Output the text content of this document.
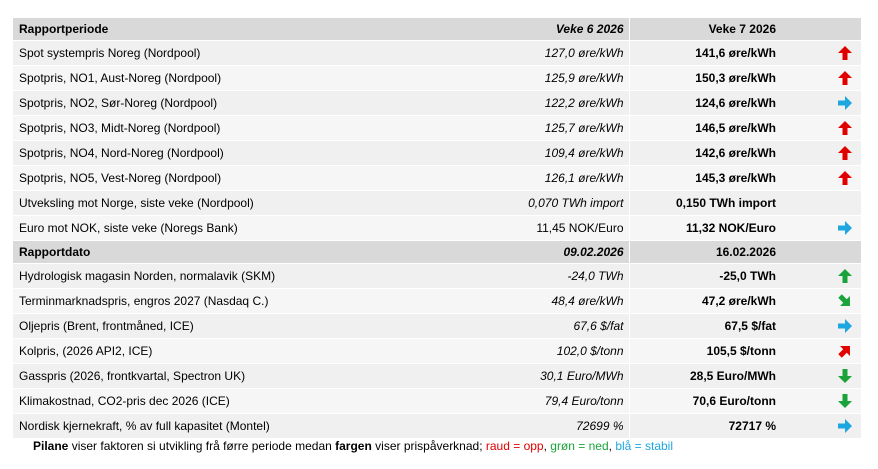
Rapportperiode	Veke 6 2026	Veke 7 2026	
Spot systempris Noreg (Nordpool)	127,0 øre/kWh	141,6 øre/kWh	

Spotpris, NO1, Aust-Noreg (Nordpool)	125,9 øre/kWh	150,3 øre/kWh	

Spotpris, NO2, Sør-Noreg (Nordpool)	122,2 øre/kWh	124,6 øre/kWh	

Spotpris, NO3, Midt-Noreg (Nordpool)	125,7 øre/kWh	146,5 øre/kWh	

Spotpris, NO4, Nord-Noreg (Nordpool)	109,4 øre/kWh	142,6 øre/kWh	

Spotpris, NO5, Vest-Noreg (Nordpool)	126,1 øre/kWh	145,3 øre/kWh	

Utveksling mot Norge, siste veke (Nordpool)	0,070 TWh import	0,150 TWh import	
Euro mot NOK, siste veke (Noregs Bank)	11,45 NOK/Euro	11,32 NOK/Euro	

Rapportdato	09.02.2026	16.02.2026	
Hydrologisk magasin Norden, normalavik (SKM)	-24,0 TWh	-25,0 TWh	

Terminmarknadspris, engros 2027 (Nasdaq C.)	48,4 øre/kWh	47,2 øre/kWh	

Oljepris (Brent, frontmåned, ICE)	67,6 $/fat	67,5 $/fat	

Kolpris, (2026 API2, ICE)	102,0 $/tonn	105,5 $/tonn	

Gasspris (2026, frontkvartal, Spectron UK)	30,1 Euro/MWh	28,5 Euro/MWh	

Klimakostnad, CO2-pris dec 2026 (ICE)	79,4 Euro/tonn	70,6 Euro/tonn	

Nordisk kjernekraft, % av full kapasitet (Montel)	72699 %	72717 %	
Pilane viser faktoren si utvikling frå førre periode medan fargen viser prispåverknad; raud = opp, grøn = ned, blå = stabil
